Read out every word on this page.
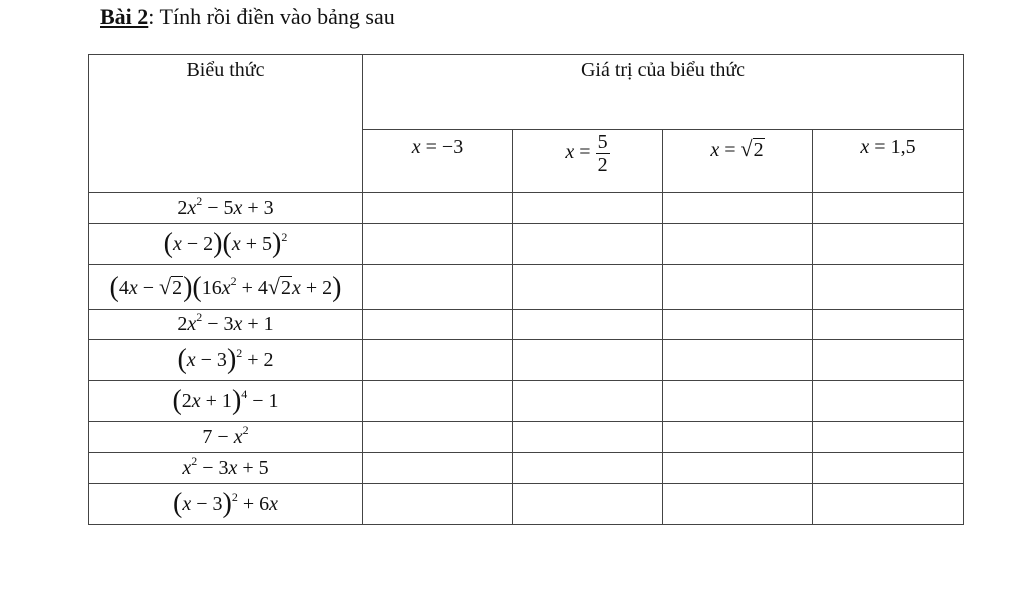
Bài 2: Tính rồi điền vào bảng sau
Biểu thức	Giá trị của biểu thức			
	x = −3	$x = \frac{5}{2}$	x = √2	x = 1,5
$2x^2 - 5x + 3$				
$(x - 2)(x + 5)^2$				
$(4x - √2)(16x^2 + 4√2x + 2)$				
$2x^2 - 3x + 1$				
$(x - 3)^2 + 2$				
$(2x + 1)^4 - 1$				
$7 - x^2$				
$x^2 - 3x + 5$				
$(x - 3)^2 + 6x$				
